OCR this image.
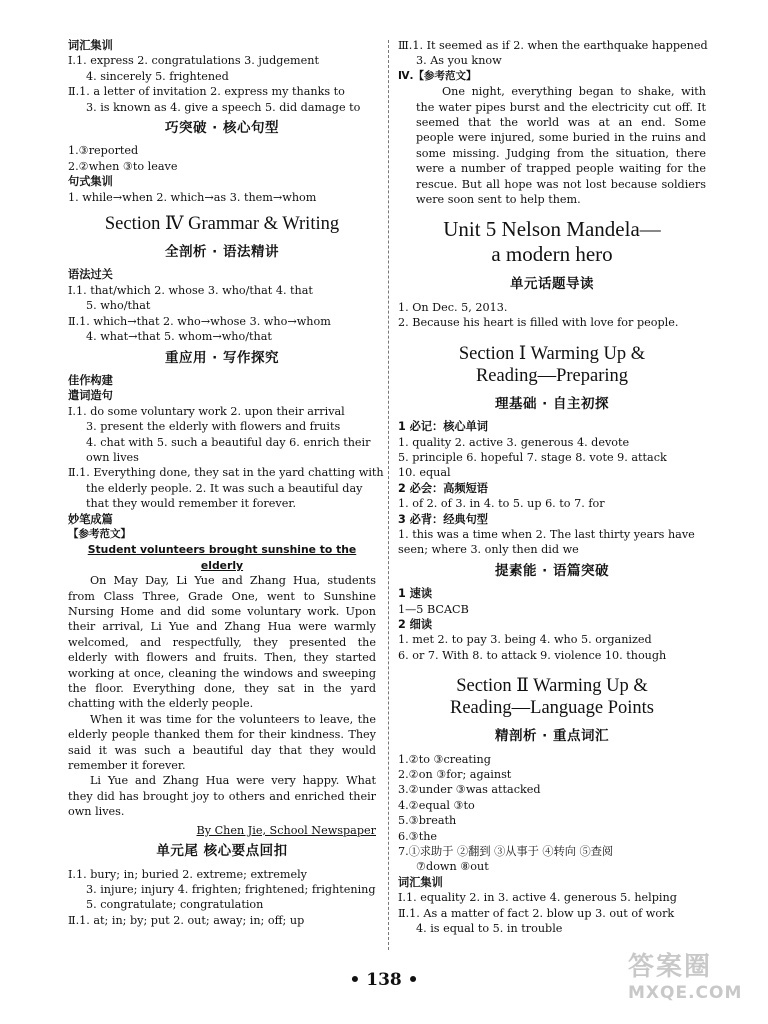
词汇集训
Ⅰ.1. express 2. congratulations 3. judgement
4. sincerely 5. frightened
Ⅱ.1. a letter of invitation 2. express my thanks to
3. is known as 4. give a speech 5. did damage to
巧突破 · 核心句型
1.③reported
2.②when ③to leave
句式集训
1. while→when 2. which→as 3. them→whom
Section Ⅳ Grammar & Writing
全剖析 · 语法精讲
语法过关
Ⅰ.1. that/which 2. whose 3. who/that 4. that
5. who/that
Ⅱ.1. which→that 2. who→whose 3. who→whom
4. what→that 5. whom→who/that
重应用 · 写作探究
佳作构建
遣词造句
Ⅰ.1. do some voluntary work 2. upon their arrival
3. present the elderly with flowers and fruits
4. chat with 5. such a beautiful day 6. enrich their
own lives
Ⅱ.1. Everything done, they sat in the yard chatting with
the elderly people. 2. It was such a beautiful day
that they would remember it forever.
妙笔成篇
【参考范文】
Student volunteers brought sunshine to the elderly

On May Day, Li Yue and Zhang Hua, students from Class Three, Grade One, went to Sunshine Nursing Home and did some voluntary work. Upon their arrival, Li Yue and Zhang Hua were warmly welcomed, and respectfully, they presented the elderly with flowers and fruits. Then, they started working at once, cleaning the windows and sweeping the floor. Everything done, they sat in the yard chatting with the elderly people.

When it was time for the volunteers to leave, the elderly people thanked them for their kindness. They said it was such a beautiful day that they would remember it forever.

Li Yue and Zhang Hua were very happy. What they did has brought joy to others and enriched their own lives.

By Chen Jie, School Newspaper
单元尾 核心要点回扣
Ⅰ.1. bury; in; buried 2. extreme; extremely
3. injure; injury 4. frighten; frightened; frightening
5. congratulate; congratulation
Ⅱ.1. at; in; by; put 2. out; away; in; off; up
Ⅲ.1. It seemed as if 2. when the earthquake happened
3. As you know
Ⅳ.【参考范文】

One night, everything began to shake, with the water pipes burst and the electricity cut off. It seemed that the world was at an end. Some people were injured, some buried in the ruins and some missing. Judging from the situation, there were a number of trapped people waiting for the rescue. But all hope was not lost because soldiers were soon sent to help them.

Unit 5 Nelson Mandela—
a modern hero
单元话题导读
1. On Dec. 5, 2013.
2. Because his heart is filled with love for people.
Section Ⅰ Warming Up &
Reading—Preparing
理基础 · 自主初探
1 必记：核心单词
1. quality 2. active 3. generous 4. devote
5. principle 6. hopeful 7. stage 8. vote 9. attack
10. equal
2 必会：高频短语
1. of 2. of 3. in 4. to 5. up 6. to 7. for
3 必背：经典句型
1. this was a time when 2. The last thirty years have
seen; where 3. only then did we
提素能 · 语篇突破
1 速读
1—5 BCACB
2 细读
1. met 2. to pay 3. being 4. who 5. organized
6. or 7. With 8. to attack 9. violence 10. though
Section Ⅱ Warming Up &
Reading—Language Points
精剖析 · 重点词汇
1.②to ③creating
2.②on ③for; against
3.②under ③was attacked
4.②equal ③to
5.③breath
6.③the
7.①求助于 ②翻到 ③从事于 ④转向 ⑤查阅
⑦down ⑧out
词汇集训
Ⅰ.1. equality 2. in 3. active 4. generous 5. helping
Ⅱ.1. As a matter of fact 2. blow up 3. out of work
4. is equal to 5. in trouble
• 138 •	答案圈
MXQE.COM
